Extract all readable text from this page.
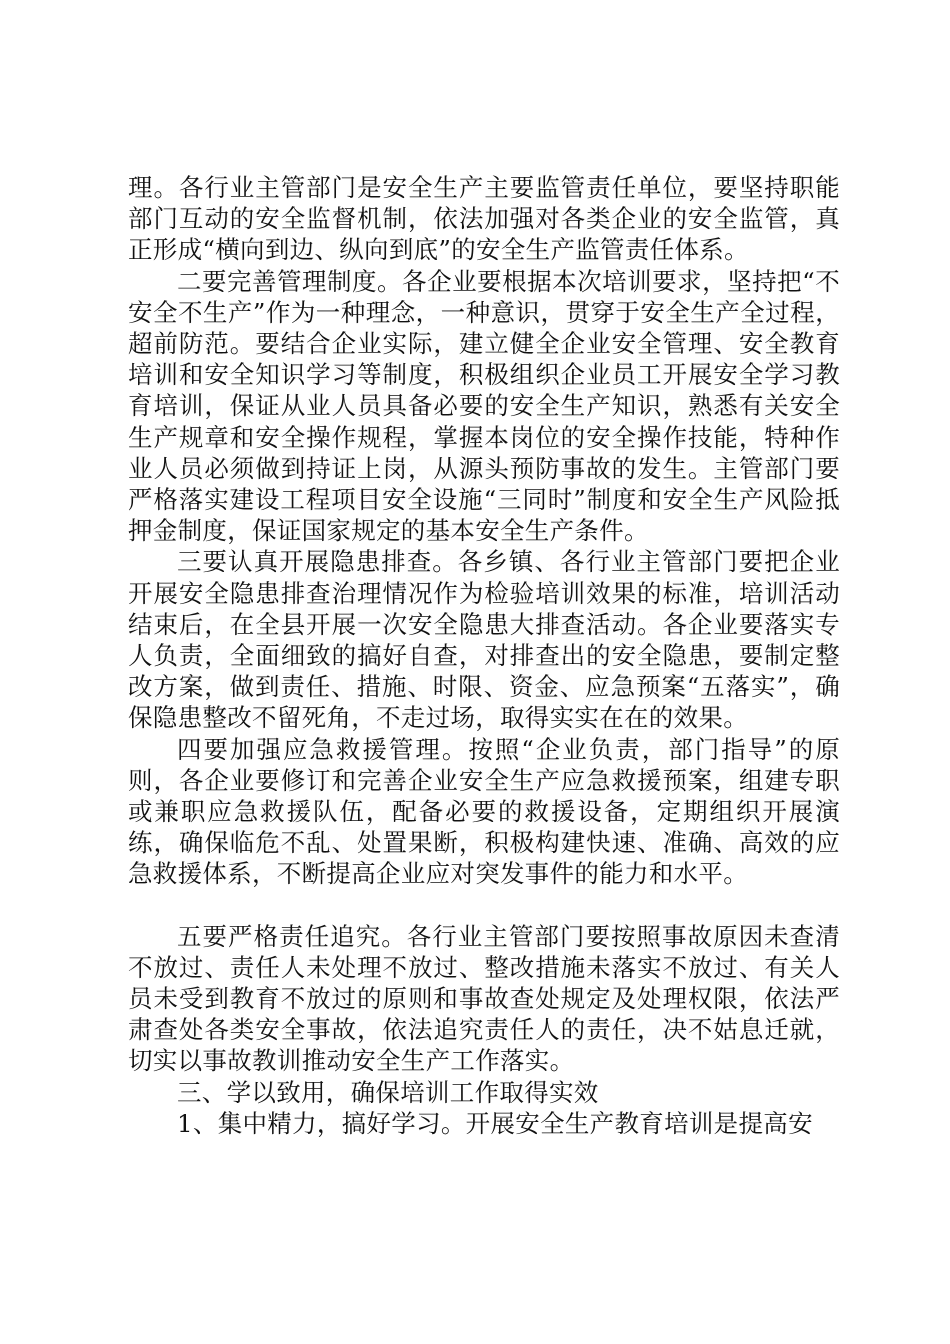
理。各行业主管部门是安全生产主要监管责任单位，要坚持职能部门互动的安全监督机制，依法加强对各类企业的安全监管，真正形成“横向到边、纵向到底”的安全生产监管责任体系。

二要完善管理制度。各企业要根据本次培训要求，坚持把“不安全不生产”作为一种理念，一种意识，贯穿于安全生产全过程，超前防范。要结合企业实际，建立健全企业安全管理、安全教育培训和安全知识学习等制度，积极组织企业员工开展安全学习教育培训，保证从业人员具备必要的安全生产知识，熟悉有关安全生产规章和安全操作规程，掌握本岗位的安全操作技能，特种作业人员必须做到持证上岗，从源头预防事故的发生。主管部门要严格落实建设工程项目安全设施“三同时”制度和安全生产风险抵押金制度，保证国家规定的基本安全生产条件。

三要认真开展隐患排查。各乡镇、各行业主管部门要把企业开展安全隐患排查治理情况作为检验培训效果的标准，培训活动结束后，在全县开展一次安全隐患大排查活动。各企业要落实专人负责，全面细致的搞好自查，对排查出的安全隐患，要制定整改方案，做到责任、措施、时限、资金、应急预案“五落实”，确保隐患整改不留死角，不走过场，取得实实在在的效果。

四要加强应急救援管理。按照“企业负责，部门指导”的原则，各企业要修订和完善企业安全生产应急救援预案，组建专职或兼职应急救援队伍，配备必要的救援设备，定期组织开展演练，确保临危不乱、处置果断，积极构建快速、准确、高效的应急救援体系，不断提高企业应对突发事件的能力和水平。

五要严格责任追究。各行业主管部门要按照事故原因未查清不放过、责任人未处理不放过、整改措施未落实不放过、有关人员未受到教育不放过的原则和事故查处规定及处理权限，依法严肃查处各类安全事故，依法追究责任人的责任，决不姑息迁就，切实以事故教训推动安全生产工作落实。

三、学以致用，确保培训工作取得实效

1、集中精力，搞好学习。开展安全生产教育培训是提高安
